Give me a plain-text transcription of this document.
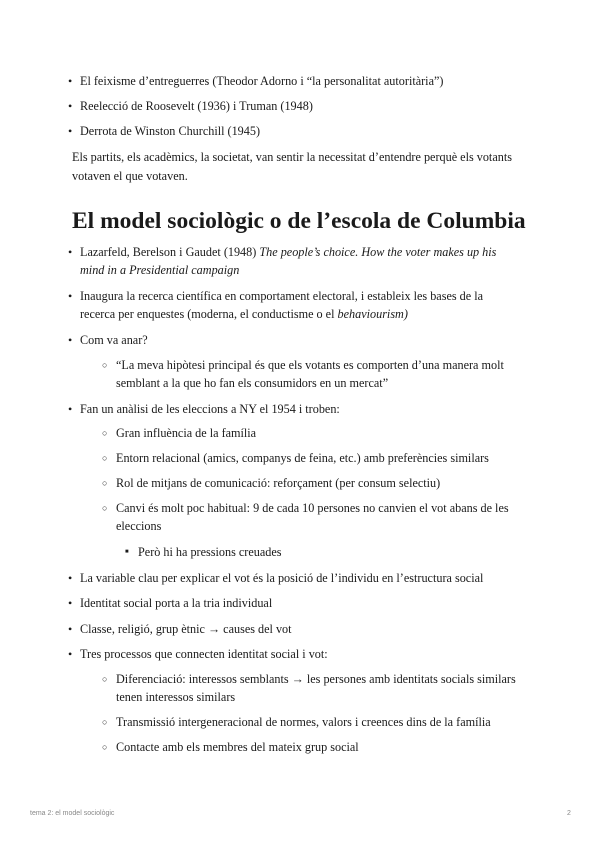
• El feixisme d’entreguerres (Theodor Adorno i “la personalitat autoritària”)
• Reelecció de Roosevelt (1936) i Truman (1948)
• Derrota de Winston Churchill (1945)

Els partits, els acadèmics, la societat, van sentir la necessitat d’entendre perquè els votants votaven el que votaven.

El model sociològic o de l’escola de Columbia
• Lazarfeld, Berelson i Gaudet (1948) The people’s choice. How the voter makes up his mind in a Presidential campaign
• Inaugura la recerca científica en comportament electoral, i estableix les bases de la recerca per enquestes (moderna, el conductisme o el behaviourism)
• Com va anar?
○ “La meva hipòtesi principal és que els votants es comporten d’una manera molt semblant a la que ho fan els consumidors en un mercat”
• Fan un anàlisi de les eleccions a NY el 1954 i troben:
○ Gran influència de la família
○ Entorn relacional (amics, companys de feina, etc.) amb preferències similars
○ Rol de mitjans de comunicació: reforçament (per consum selectiu)
○ Canvi és molt poc habitual: 9 de cada 10 persones no canvien el vot abans de les eleccions
■ Però hi ha pressions creuades
• La variable clau per explicar el vot és la posició de l’individu en l’estructura social
• Identitat social porta a la tria individual
• Classe, religió, grup ètnic → causes del vot
• Tres processos que connecten identitat social i vot:
○ Diferenciació: interessos semblants → les persones amb identitats socials similars tenen interessos similars
○ Transmissió intergeneracional de normes, valors i creences dins de la família
○ Contacte amb els membres del mateix grup social
tema 2: el model sociològic	2
